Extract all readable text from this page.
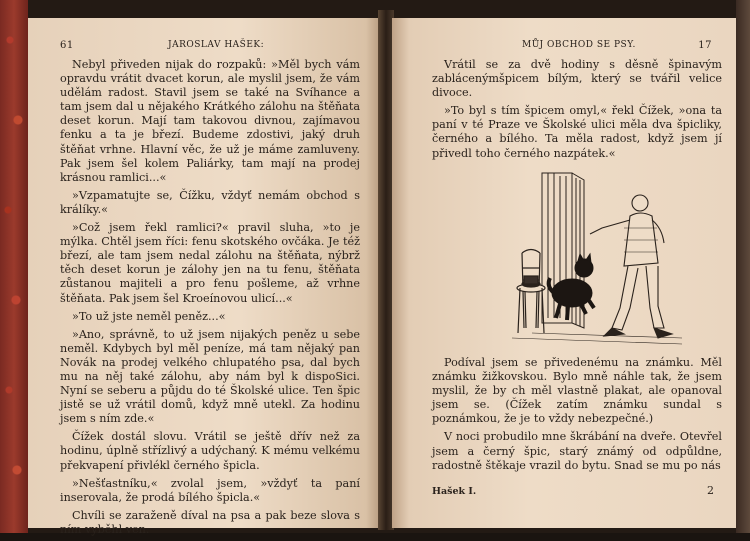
61	JAROSLAV HAŠEK:

Nebyl přiveden nijak do rozpaků: »Měl bych vám opravdu vrátit dvacet korun, ale myslil jsem, že vám udělám radost. Stavil jsem se také na Svíhance a tam jsem dal u nějakého Krátkého zálohu na štěňata deset korun. Mají tam takovou divnou, zajímavou fenku a ta je březí. Budeme zdostivi, jaký druh štěňat vrhne. Hlavní věc, že už je máme zamluveny. Pak jsem šel kolem Paliárky, tam mají na prodej krásnou ramlici...«

»Vzpamatujte se, Čížku, vždyť nemám obchod s králíky.«

»Což jsem řekl ramlici?« pravil sluha, »to je mýlka. Chtěl jsem říci: fenu skotského ovčáka. Je též březí, ale tam jsem nedal zálohu na štěňata, nýbrž těch deset korun je zálohy jen na tu fenu, štěňata zůstanou majiteli a pro fenu pošleme, až vrhne štěňata. Pak jsem šel Kroeínovou ulicí...«

»To už jste neměl peněz...«

»Ano, správně, to už jsem nijakých peněz u sebe neměl. Kdybych byl měl peníze, má tam nějaký pan Novák na prodej velkého chlupatého psa, dal bych mu na něj také zálohu, aby nám byl k dispoSici. Nyní se seberu a půjdu do té Školské ulice. Ten špic jistě se už vrátil domů, když mně utekl. Za hodinu jsem s ním zde.«

Čížek dostál slovu. Vrátil se ještě dřív než za hodinu, úplně střízlivý a udýchaný. K mému velkému překvapení přivlékl černého špicla.

»Nešťastníku,« zvolal jsem, »vždyť ta paní inserovala, že prodá bílého špicla.«

Chvíli se zaraženě díval na psa a pak beze slova s ním vyběhl ven.

MŮJ OBCHOD SE PSY.	17

Vrátil se za dvě hodiny s děsně špinavým zablácenýmšpicem bílým, který se tvářil velice divoce.

»To byl s tím špicem omyl,« řekl Čížek, »ona ta paní v té Praze ve Školské ulici měla dva špicliky, černého a bílého. Ta měla radost, když jsem jí přivedl toho černého nazpátek.«

Podíval jsem se přivedenému na známku. Měl známku žižkovskou. Bylo mně náhle tak, že jsem myslil, že by ch měl vlastně plakat, ale opanoval jsem se. (Čížek zatím známku sundal s poznámkou, že je to vždy nebezpečné.)

V noci probudilo mne škrábání na dveře. Otevřel jsem a černý špic, starý známý od odpůldne, radostně štěkaje vrazil do bytu. Snad se mu po nás

Hašek I.	2
